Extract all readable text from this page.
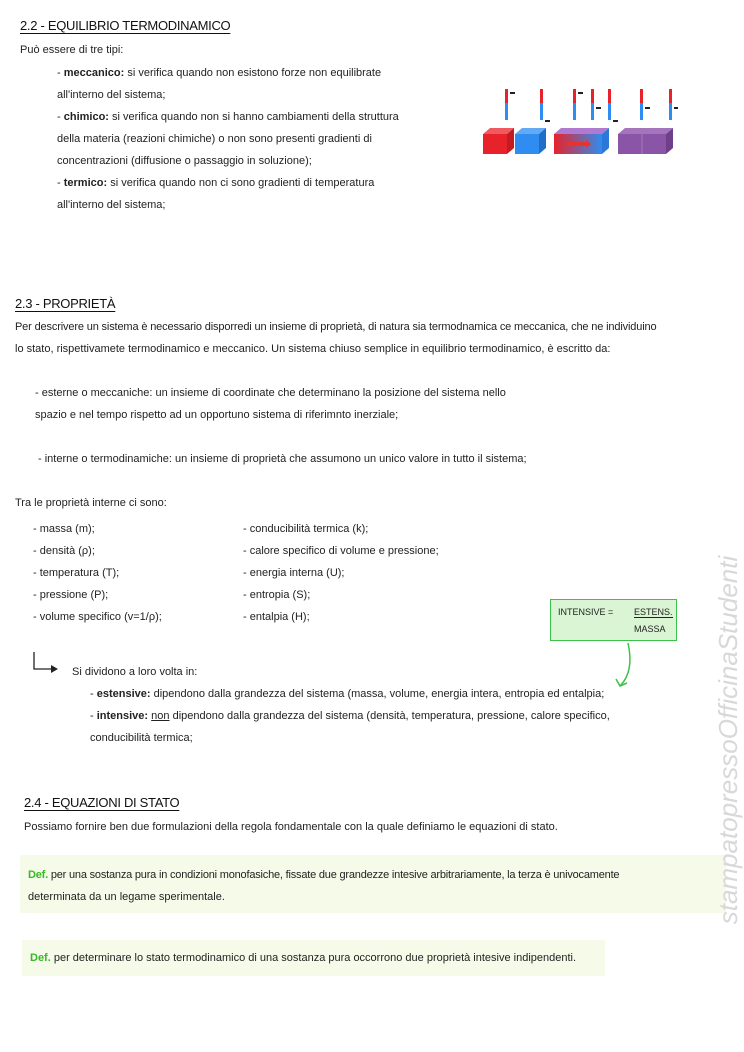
2.2 - EQUILIBRIO TERMODINAMICO
Può essere di tre tipi:
- meccanico: si verifica quando non esistono forze non equilibrate
all'interno del sistema;
- chimico: si verifica quando non si hanno cambiamenti della struttura
della materia (reazioni chimiche) o non sono presenti gradienti di
concentrazioni (diffusione o passaggio in soluzione);
- termico: si verifica quando non ci sono gradienti di temperatura
all'interno del sistema;
2.3 - PROPRIETÀ
Per descrivere un sistema è necessario disporredi un insieme di proprietà, di natura sia termodnamica ce meccanica, che ne individuino
lo stato, rispettivamete termodinamico e meccanico. Un sistema chiuso semplice in equilibrio termodinamico, è escritto da:
- esterne o meccaniche: un insieme di coordinate che determinano la posizione del sistema nello
spazio e nel tempo rispetto ad un opportuno sistema di riferimnto inerziale;
- interne o termodinamiche: un insieme di proprietà che assumono un unico valore in tutto il sistema;
Tra le proprietà interne ci sono:
- massa (m);
- densità (ρ);
- temperatura (T);
- pressione (P);
- volume specifico (v=1/ρ);
- conducibilità termica (k);
- calore specifico di volume e pressione;
- energia interna (U);
- entropia (S);
- entalpia (H);	INTENSIVE = ESTENS.
MASSA
Si dividono a loro volta in:
- estensive: dipendono dalla grandezza del sistema (massa, volume, energia intera, entropia ed entalpia;
- intensive: non dipendono dalla grandezza del sistema (densità, temperatura, pressione, calore specifico,
conducibilità termica;
2.4 - EQUAZIONI DI STATO
Possiamo fornire ben due formulazioni della regola fondamentale con la quale definiamo le equazioni di stato.
Def. per una sostanza pura in condizioni monofasiche, fissate due grandezze intesive arbitrariamente, la terza è univocamente
determinata da un legame sperimentale.
Def. per determinare lo stato termodinamico di una sostanza pura occorrono due proprietà intesive indipendenti.
stampatopressoOfficinaStudenti
